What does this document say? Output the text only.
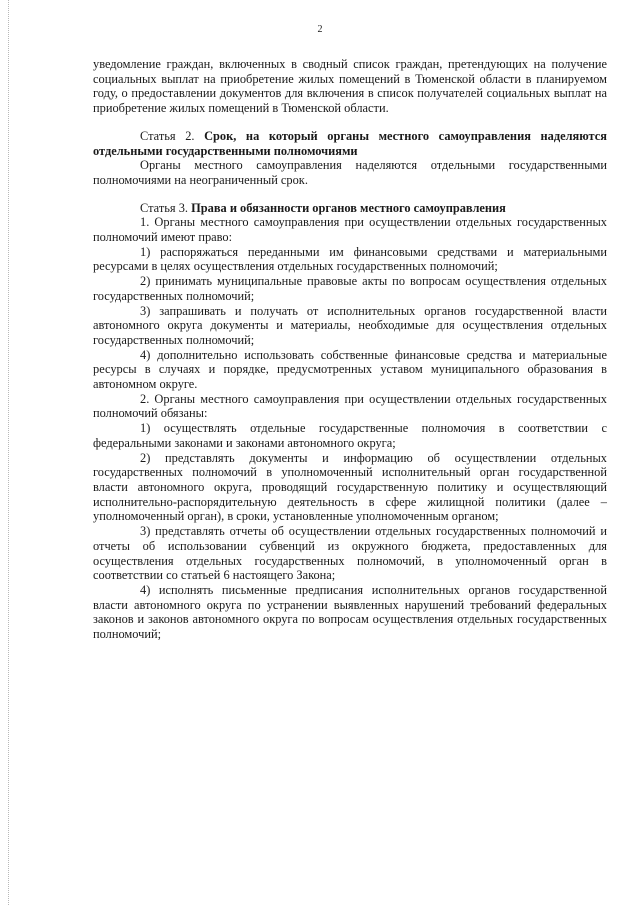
2

уведомление граждан, включенных в сводный список граждан, претендующих на получение социальных выплат на приобретение жилых помещений в Тюменской области в планируемом году, о предоставлении документов для включения в список получателей социальных выплат на приобретение жилых помещений в Тюменской области.

Статья 2. Срок, на который органы местного самоуправления наделяются отдельными государственными полномочиями

Органы местного самоуправления наделяются отдельными государственными полномочиями на неограниченный срок.

Статья 3. Права и обязанности органов местного самоуправления

1. Органы местного самоуправления при осуществлении отдельных государственных полномочий имеют право:

1) распоряжаться переданными им финансовыми средствами и материальными ресурсами в целях осуществления отдельных государственных полномочий;

2) принимать муниципальные правовые акты по вопросам осуществления отдельных государственных полномочий;

3) запрашивать и получать от исполнительных органов государственной власти автономного округа документы и материалы, необходимые для осуществления отдельных государственных полномочий;

4) дополнительно использовать собственные финансовые средства и материальные ресурсы в случаях и порядке, предусмотренных уставом муниципального образования в автономном округе.

2. Органы местного самоуправления при осуществлении отдельных государственных полномочий обязаны:

1) осуществлять отдельные государственные полномочия в соответствии с федеральными законами и законами автономного округа;

2) представлять документы и информацию об осуществлении отдельных государственных полномочий в уполномоченный исполнительный орган государственной власти автономного округа, проводящий государственную политику и осуществляющий исполнительно-распорядительную деятельность в сфере жилищной политики (далее – уполномоченный орган), в сроки, установленные уполномоченным органом;

3) представлять отчеты об осуществлении отдельных государственных полномочий и отчеты об использовании субвенций из окружного бюджета, предоставленных для осуществления отдельных государственных полномочий, в уполномоченный орган в соответствии со статьей 6 настоящего Закона;

4) исполнять письменные предписания исполнительных органов государственной власти автономного округа по устранении выявленных нарушений требований федеральных законов и законов автономного округа по вопросам осуществления отдельных государственных полномочий;
